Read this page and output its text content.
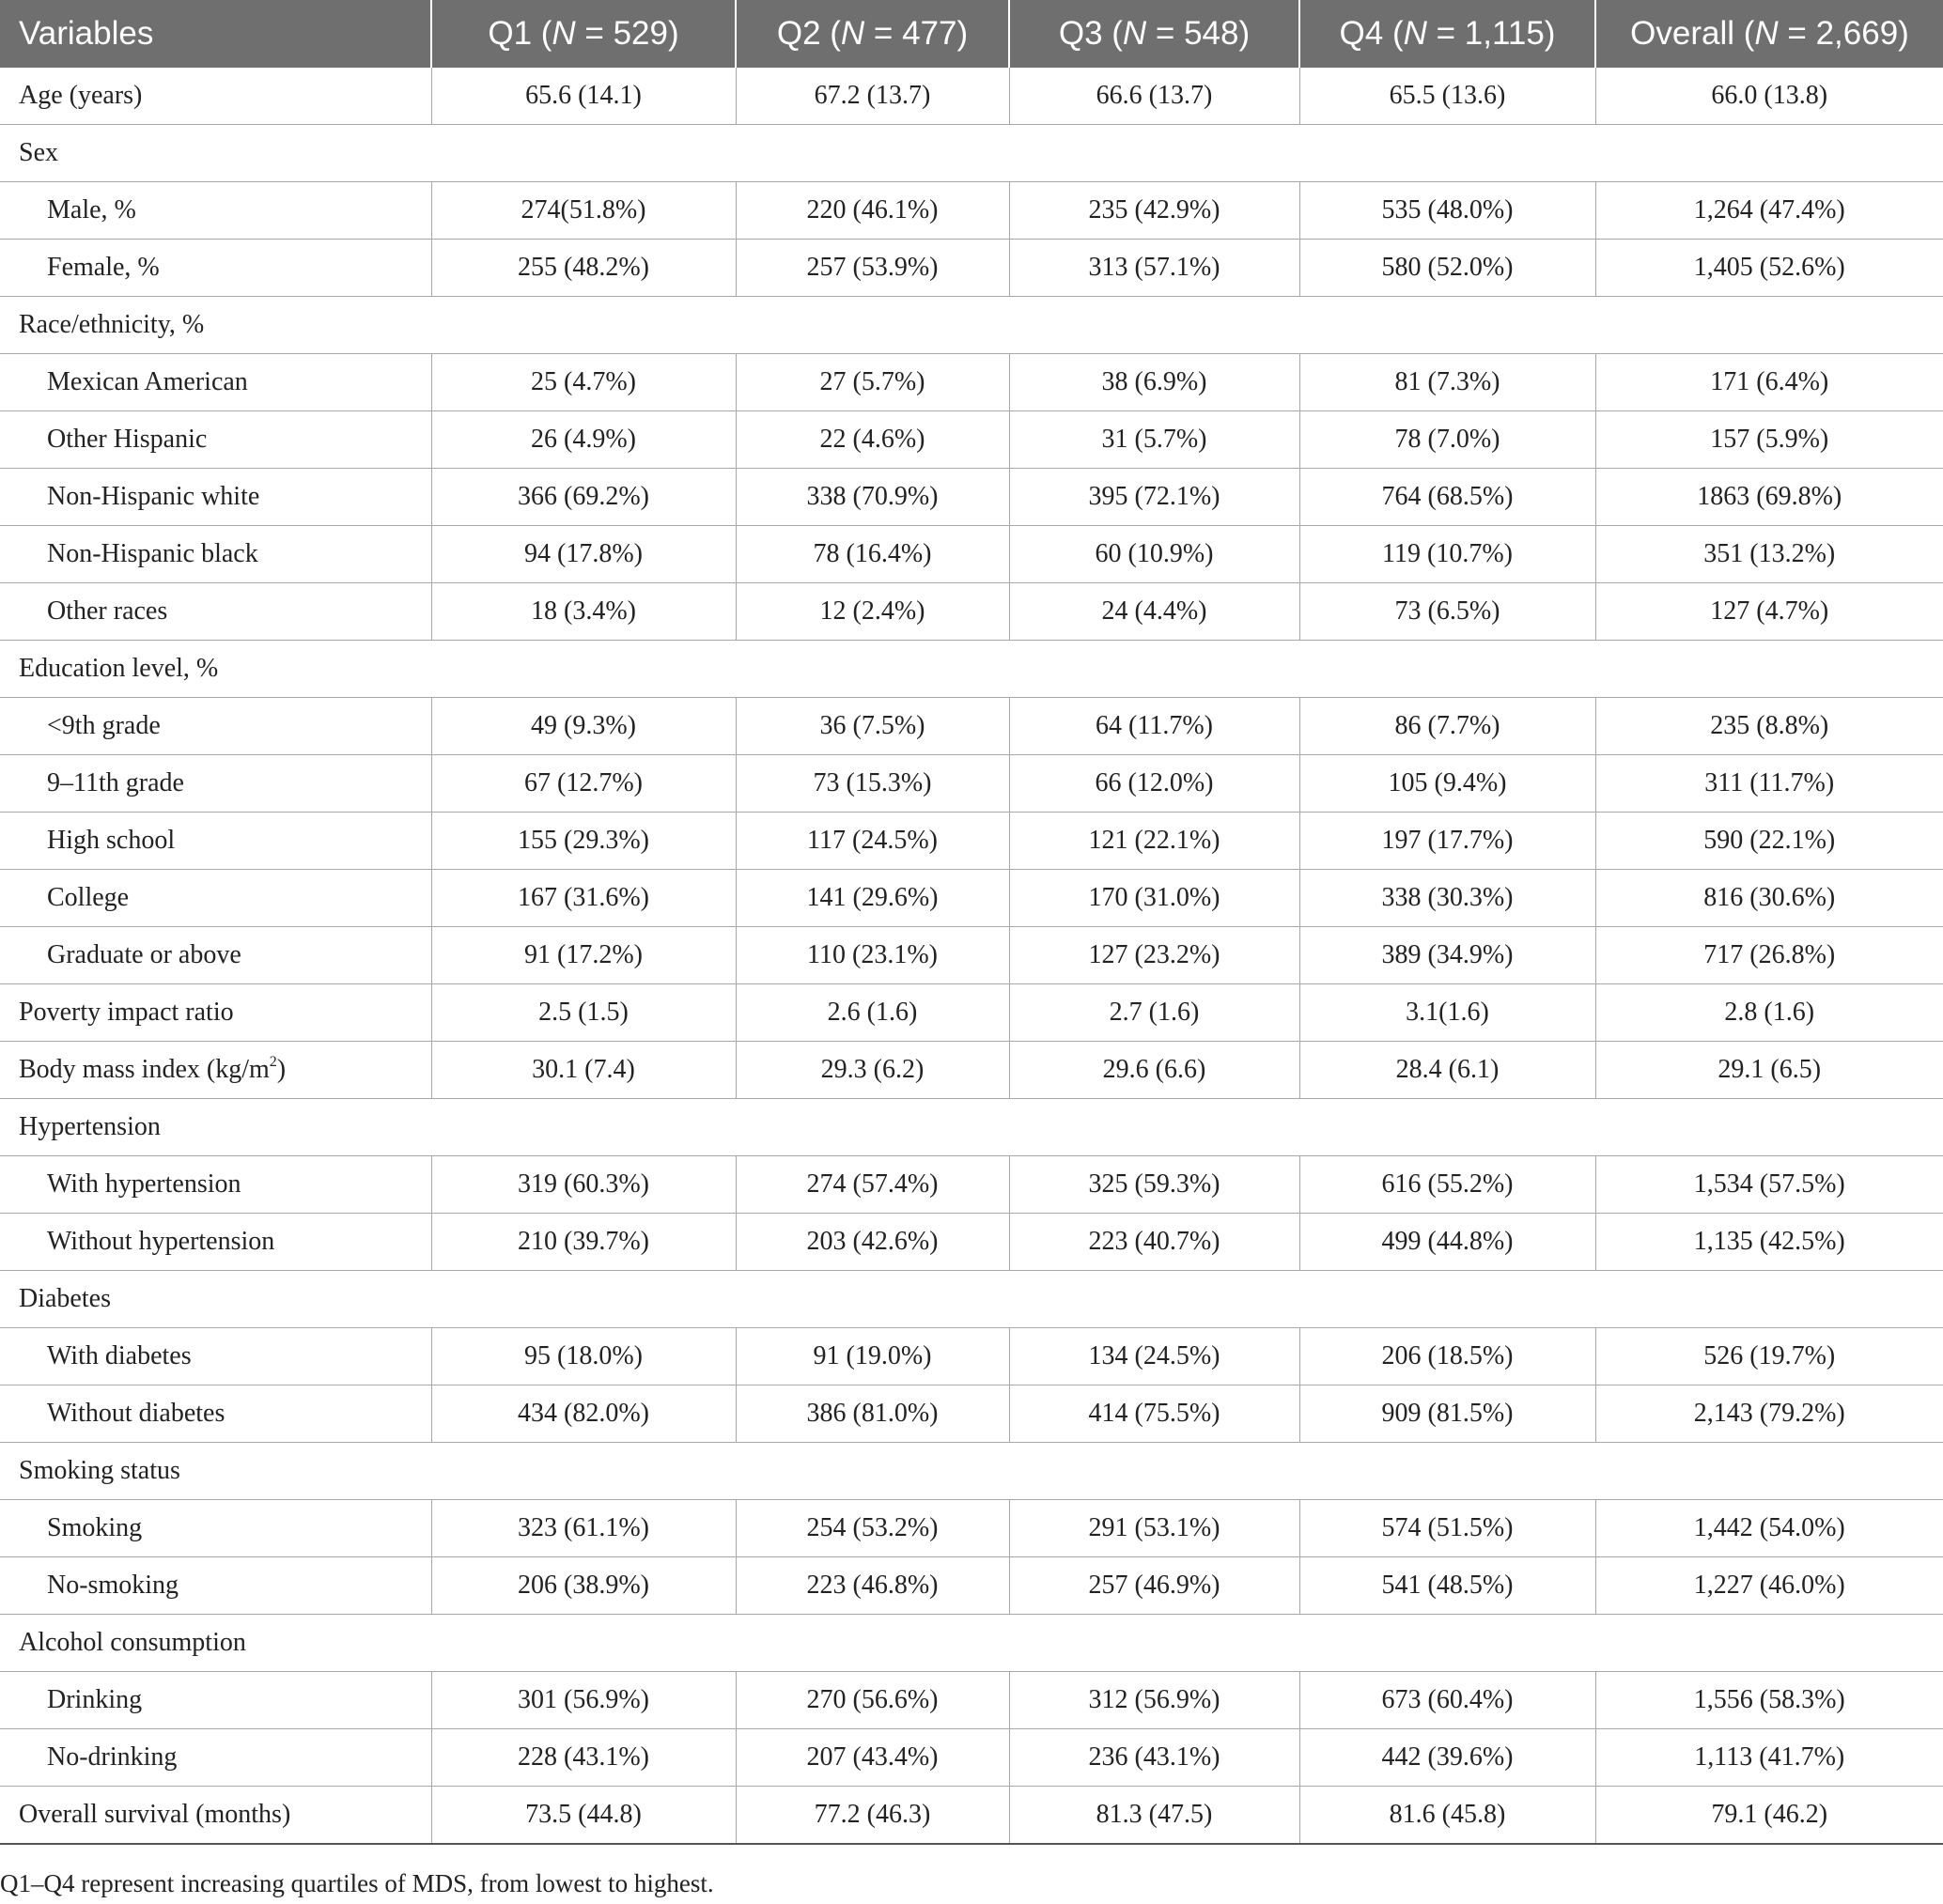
Variables	Q1 (N = 529)	Q2 (N = 477)	Q3 (N = 548)	Q4 (N = 1,115)	Overall (N = 2,669)
Age (years)	65.6 (14.1)	67.2 (13.7)	66.6 (13.7)	65.5 (13.6)	66.0 (13.8)
Sex					
Male, %	274(51.8%)	220 (46.1%)	235 (42.9%)	535 (48.0%)	1,264 (47.4%)
Female, %	255 (48.2%)	257 (53.9%)	313 (57.1%)	580 (52.0%)	1,405 (52.6%)
Race/ethnicity, %					
Mexican American	25 (4.7%)	27 (5.7%)	38 (6.9%)	81 (7.3%)	171 (6.4%)
Other Hispanic	26 (4.9%)	22 (4.6%)	31 (5.7%)	78 (7.0%)	157 (5.9%)
Non-Hispanic white	366 (69.2%)	338 (70.9%)	395 (72.1%)	764 (68.5%)	1863 (69.8%)
Non-Hispanic black	94 (17.8%)	78 (16.4%)	60 (10.9%)	119 (10.7%)	351 (13.2%)
Other races	18 (3.4%)	12 (2.4%)	24 (4.4%)	73 (6.5%)	127 (4.7%)
Education level, %					
<9th grade	49 (9.3%)	36 (7.5%)	64 (11.7%)	86 (7.7%)	235 (8.8%)
9–11th grade	67 (12.7%)	73 (15.3%)	66 (12.0%)	105 (9.4%)	311 (11.7%)
High school	155 (29.3%)	117 (24.5%)	121 (22.1%)	197 (17.7%)	590 (22.1%)
College	167 (31.6%)	141 (29.6%)	170 (31.0%)	338 (30.3%)	816 (30.6%)
Graduate or above	91 (17.2%)	110 (23.1%)	127 (23.2%)	389 (34.9%)	717 (26.8%)
Poverty impact ratio	2.5 (1.5)	2.6 (1.6)	2.7 (1.6)	3.1(1.6)	2.8 (1.6)
Body mass index $(kg/m^2)$	30.1 (7.4)	29.3 (6.2)	29.6 (6.6)	28.4 (6.1)	29.1 (6.5)
Hypertension					
With hypertension	319 (60.3%)	274 (57.4%)	325 (59.3%)	616 (55.2%)	1,534 (57.5%)
Without hypertension	210 (39.7%)	203 (42.6%)	223 (40.7%)	499 (44.8%)	1,135 (42.5%)
Diabetes					
With diabetes	95 (18.0%)	91 (19.0%)	134 (24.5%)	206 (18.5%)	526 (19.7%)
Without diabetes	434 (82.0%)	386 (81.0%)	414 (75.5%)	909 (81.5%)	2,143 (79.2%)
Smoking status					
Smoking	323 (61.1%)	254 (53.2%)	291 (53.1%)	574 (51.5%)	1,442 (54.0%)
No-smoking	206 (38.9%)	223 (46.8%)	257 (46.9%)	541 (48.5%)	1,227 (46.0%)
Alcohol consumption					
Drinking	301 (56.9%)	270 (56.6%)	312 (56.9%)	673 (60.4%)	1,556 (58.3%)
No-drinking	228 (43.1%)	207 (43.4%)	236 (43.1%)	442 (39.6%)	1,113 (41.7%)
Overall survival (months)	73.5 (44.8)	77.2 (46.3)	81.3 (47.5)	81.6 (45.8)	79.1 (46.2)
Q1–Q4 represent increasing quartiles of MDS, from lowest to highest.
